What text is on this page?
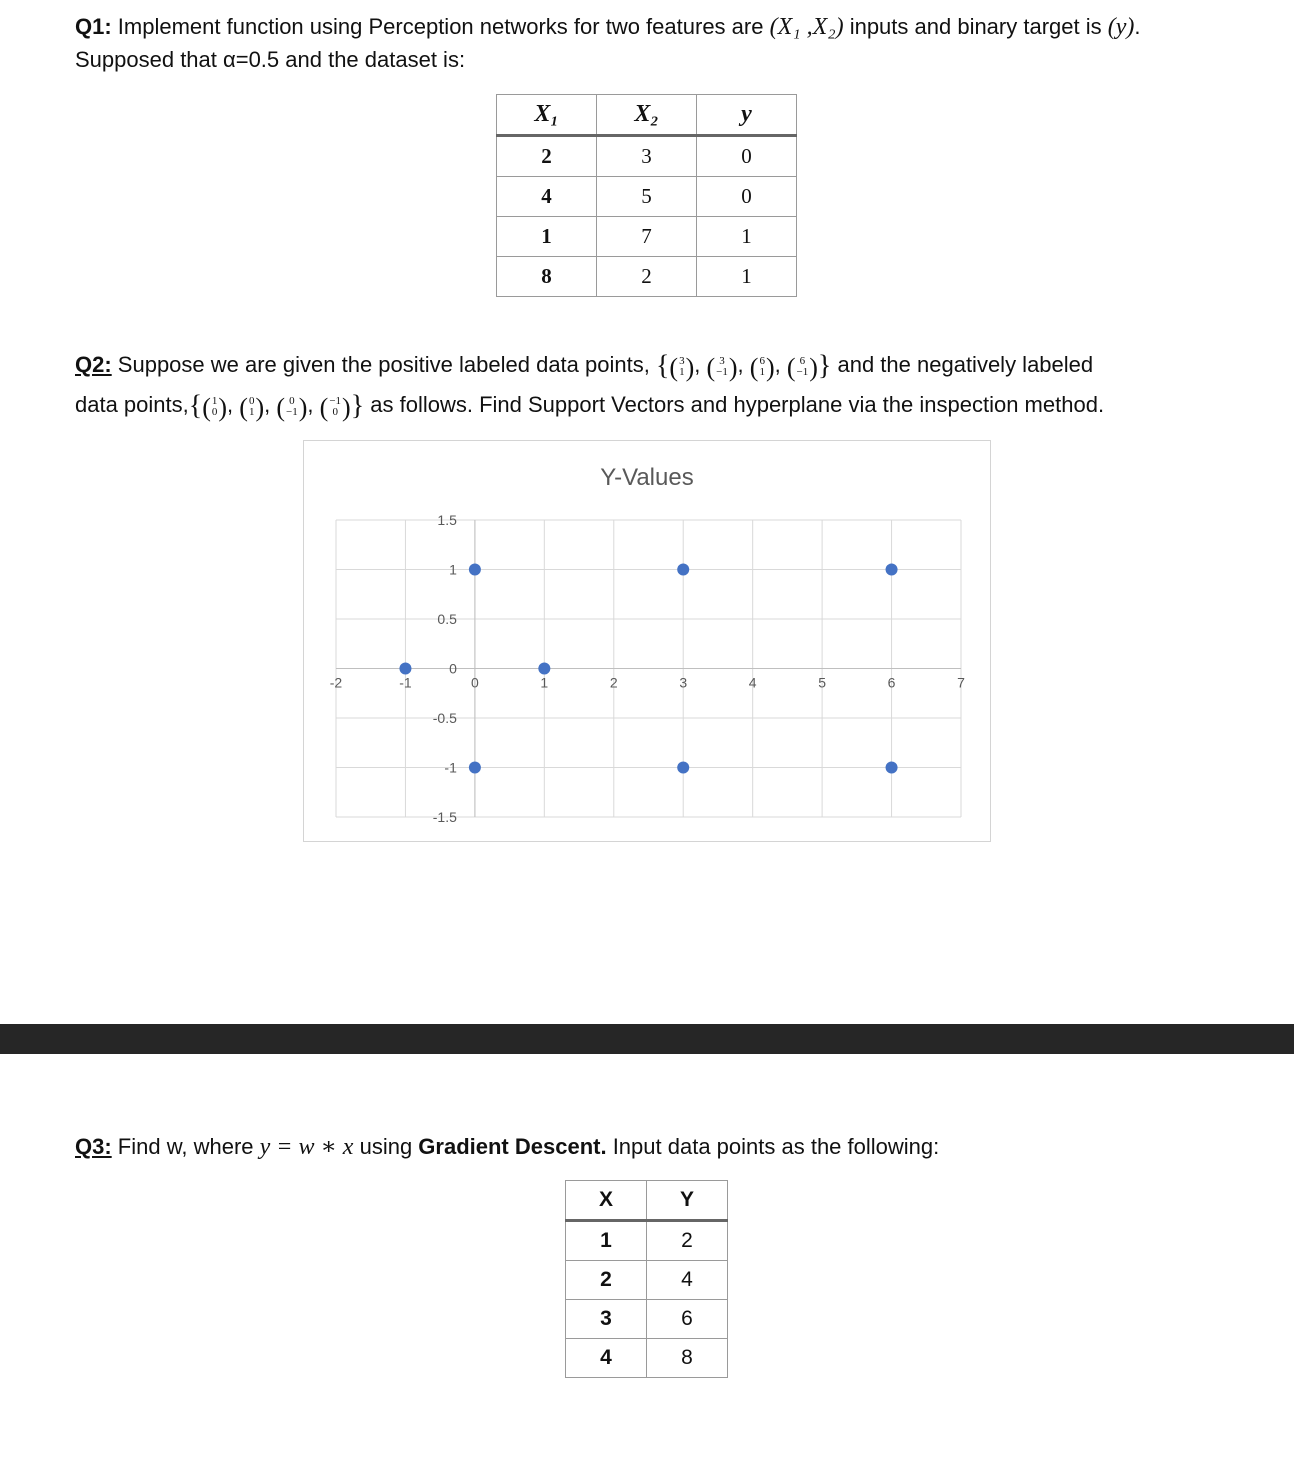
Q1: Implement function using Perception networks for two features are (X₁ ,X₂) inputs and binary target is (y).
Supposed that α=0.5 and the dataset is:
X₁	X₂	y
2	3	0
4	5	0
1	7	1
8	2	1
Q2: Suppose we are given the positive labeled data points, {(3
1), ( 3
−1), (6
1), ( 6
−1)} and the negatively labeled
data points,{(1
0), (0
1), ( 0
−1), (−1
0 )} as follows. Find Support Vectors and hyperplane via the inspection method.
Y-Values
-2	-1	0	1	2	3	4	5	6	7
1.5
1
0.5
0
-0.5
-1
-1.5
Q3: Find w, where y = w ∗ x using Gradient Descent. Input data points as the following:
X	Y
1	2
2	4
3	6
4	8
